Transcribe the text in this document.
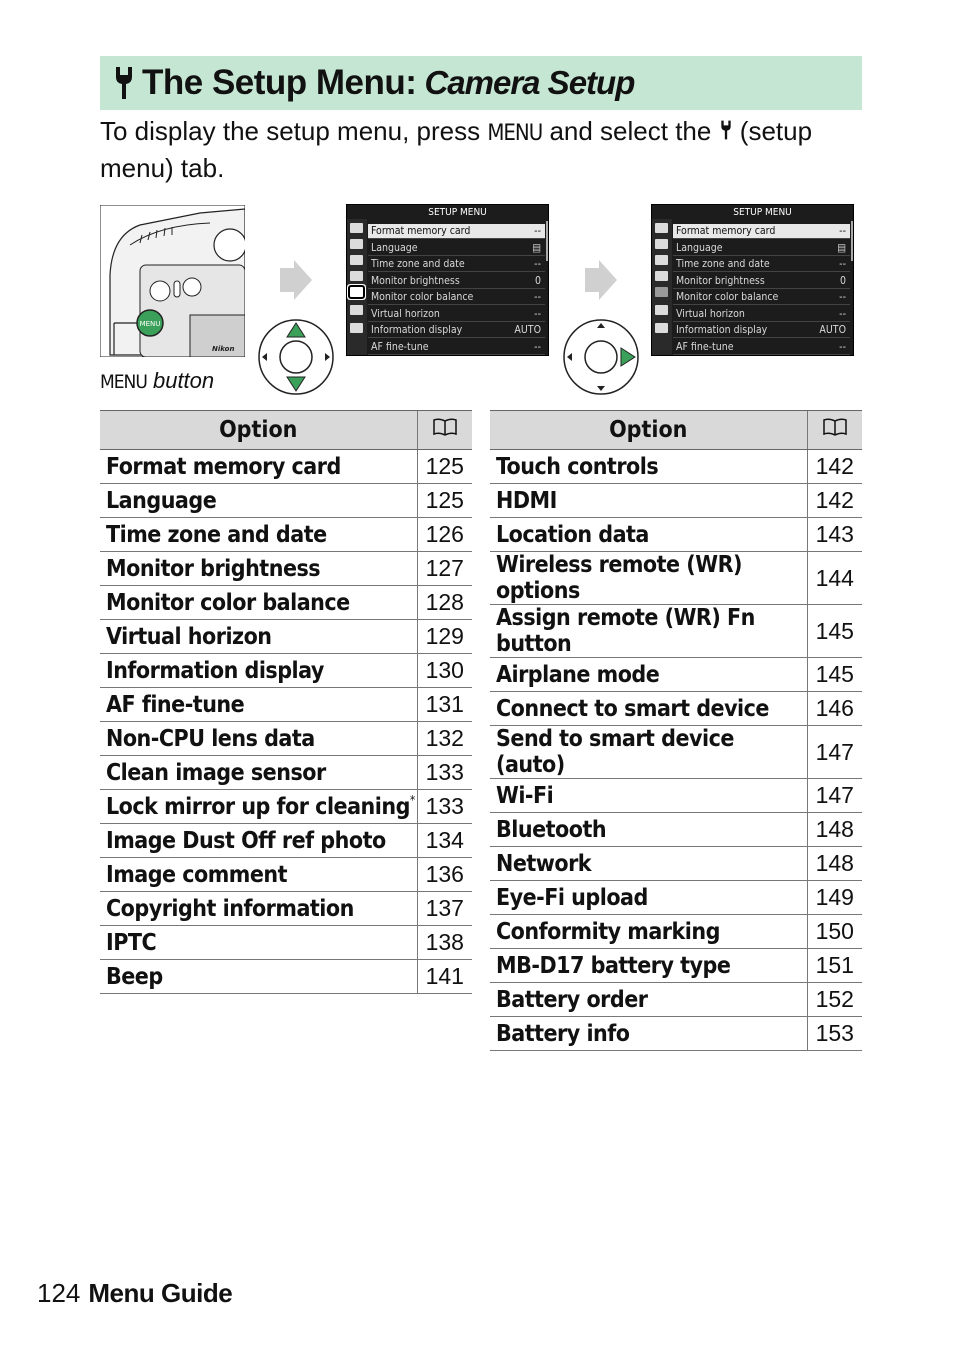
The Setup Menu: Camera Setup
To display the setup menu, press MENU and select the  (setup menu) tab.
MENU
Nikon
MENU button
SETUP MENU
Format memory card	--
Language	▤
Time zone and date	--
Monitor brightness	0
Monitor color balance	--
Virtual horizon	--
Information display	AUTO
AF fine-tune	--
SETUP MENU
Format memory card	--
Language	▤
Time zone and date	--
Monitor brightness	0
Monitor color balance	--
Virtual horizon	--
Information display	AUTO
AF fine-tune	--
Option	
Format memory card	125
Language	125
Time zone and date	126
Monitor brightness	127
Monitor color balance	128
Virtual horizon	129
Information display	130
AF fine-tune	131
Non-CPU lens data	132
Clean image sensor	133
Lock mirror up for cleaning*	133
Image Dust Off ref photo	134
Image comment	136
Copyright information	137
IPTC	138
Beep	141
Option	
Touch controls	142
HDMI	142
Location data	143
Wireless remote (WR) options	144
Assign remote (WR) Fn button	145
Airplane mode	145
Connect to smart device	146
Send to smart device (auto)	147
Wi-Fi	147
Bluetooth	148
Network	148
Eye-Fi upload	149
Conformity marking	150
MB-D17 battery type	151
Battery order	152
Battery info	153
124 Menu Guide
